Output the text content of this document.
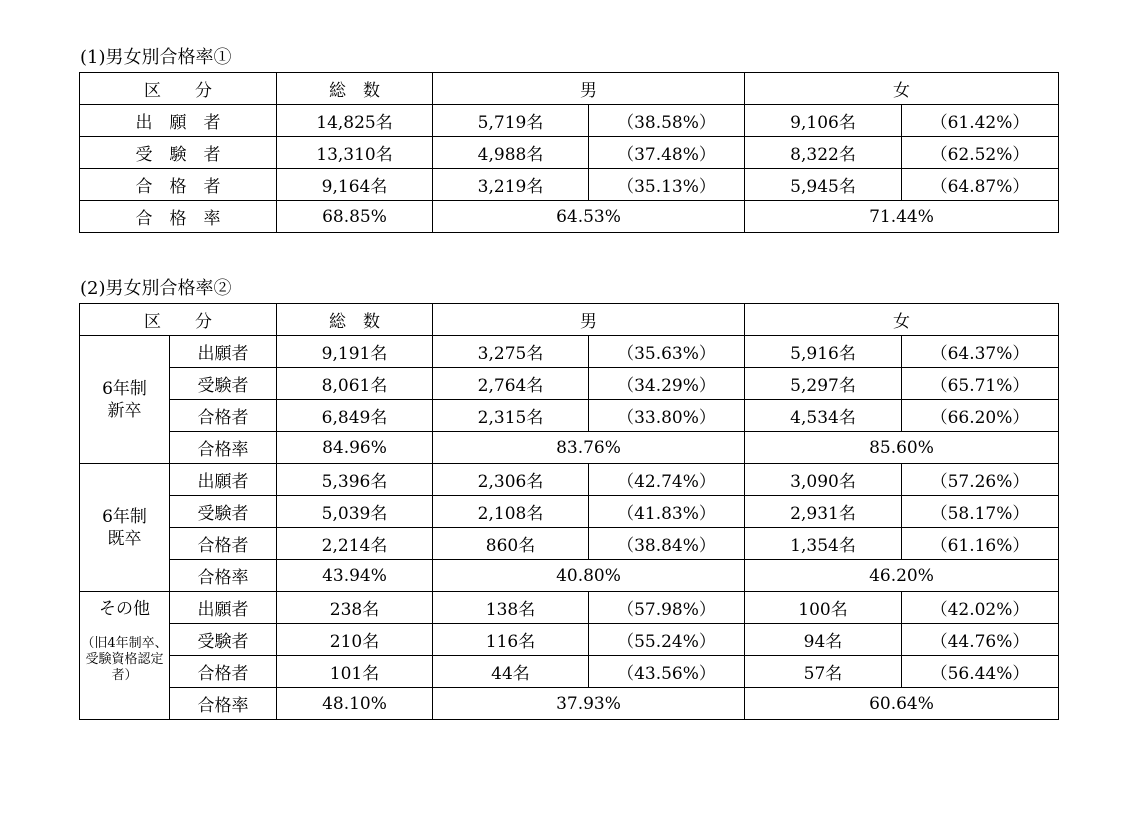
(1)男女別合格率①
区　　分	総　数	男		女	
出　願　者	14,825名	5,719名	（38.58%）	9,106名	（61.42%）
受　験　者	13,310名	4,988名	（37.48%）	8,322名	（62.52%）
合　格　者	9,164名	3,219名	（35.13%）	5,945名	（64.87%）
合　格　率	68.85%	64.53%		71.44%	
(2)男女別合格率②
区　　分		総　数	男		女	
6年制
新卒	出願者	9,191名	3,275名	（35.63%）	5,916名	（64.37%）
	受験者	8,061名	2,764名	（34.29%）	5,297名	（65.71%）
	合格者	6,849名	2,315名	（33.80%）	4,534名	（66.20%）
	合格率	84.96%	83.76%		85.60%	
6年制
既卒	出願者	5,396名	2,306名	（42.74%）	3,090名	（57.26%）
	受験者	5,039名	2,108名	（41.83%）	2,931名	（58.17%）
	合格者	2,214名	860名	（38.84%）	1,354名	（61.16%）
	合格率	43.94%	40.80%		46.20%	
その他
（旧4年制卒、受験資格認定者）	出願者	238名	138名	（57.98%）	100名	（42.02%）
	受験者	210名	116名	（55.24%）	94名	（44.76%）
	合格者	101名	44名	（43.56%）	57名	（56.44%）
	合格率	48.10%	37.93%		60.64%	
